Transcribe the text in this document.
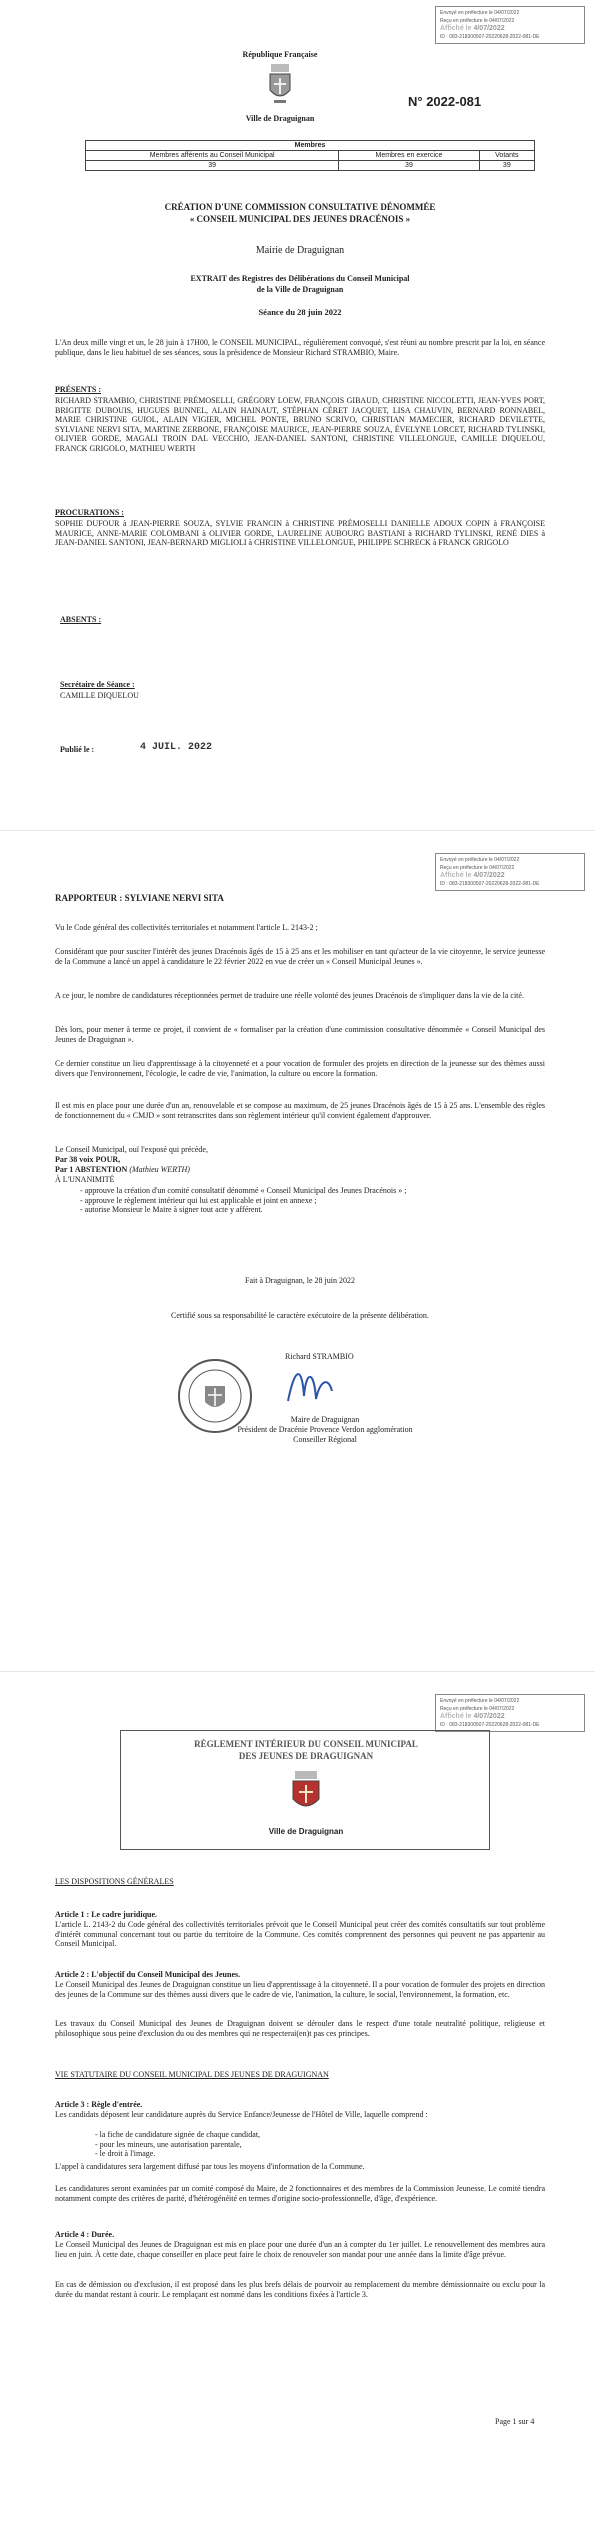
Envoyé en préfecture le 04/07/2022
Reçu en préfecture le 04/07/2022
Affiché le 4/07/2022
ID : 083-218300507-20220628-2022-081-DE
République Française
Ville de Draguignan
N° 2022-081
Membres		
Membres afférents au Conseil Municipal	Membres en exercice	Votants
39	39	39
CRÉATION D'UNE COMMISSION CONSULTATIVE DÉNOMMÉE
« CONSEIL MUNICIPAL DES JEUNES DRACÉNOIS »
Mairie de Draguignan
EXTRAIT des Registres des Délibérations du Conseil Municipal
de la Ville de Draguignan
Séance du 28 juin 2022
L'An deux mille vingt et un, le 28 juin à 17H00, le CONSEIL MUNICIPAL, régulièrement convoqué, s'est réuni au nombre prescrit par la loi, en séance publique, dans le lieu habituel de ses séances, sous la présidence de Monsieur Richard STRAMBIO, Maire.
PRÉSENTS :
RICHARD STRAMBIO, CHRISTINE PRÉMOSELLI, GRÉGORY LOEW, FRANÇOIS GIBAUD, CHRISTINE NICCOLETTI, JEAN-YVES PORT, BRIGITTE DUBOUIS, HUGUES BUNNEL, ALAIN HAINAUT, STÉPHAN CÉRET JACQUET, LISA CHAUVIN, BERNARD RONNABEL, MARIE CHRISTINE GUIOL, ALAIN VIGIER, MICHEL PONTE, BRUNO SCRIVO, CHRISTIAN MAMECIER, RICHARD DEVILETTE, SYLVIANE NERVI SITA, MARTINE ZERBONE, FRANÇOISE MAURICE, JEAN-PIERRE SOUZA, ÉVELYNE LORCET, RICHARD TYLINSKI, OLIVIER GORDE, MAGALI TROIN DAL VECCHIO, JEAN-DANIEL SANTONI, CHRISTINE VILLELONGUE, CAMILLE DIQUELOU, FRANCK GRIGOLO, MATHIEU WERTH
PROCURATIONS :
SOPHIE DUFOUR à JEAN-PIERRE SOUZA, SYLVIE FRANCIN à CHRISTINE PRÉMOSELLI DANIELLE ADOUX COPIN à FRANÇOISE MAURICE, ANNE-MARIE COLOMBANI à OLIVIER GORDE, LAURELINE AUBOURG BASTIANI à RICHARD TYLINSKI, RENÉ DIES à JEAN-DANIEL SANTONI, JEAN-BERNARD MIGLIOLI à CHRISTINE VILLELONGUE, PHILIPPE SCHRECK à FRANCK GRIGOLO
ABSENTS :
Secrétaire de Séance :
CAMILLE DIQUELOU
Publié le :	4 JUIL. 2022
Envoyé en préfecture le 04/07/2022
Reçu en préfecture le 04/07/2022
Affiché le 4/07/2022
ID : 083-218300507-20220628-2022-081-DE
RAPPORTEUR : SYLVIANE NERVI SITA
Vu le Code général des collectivités territoriales et notamment l'article L. 2143-2 ;
Considérant que pour susciter l'intérêt des jeunes Dracénois âgés de 15 à 25 ans et les mobiliser en tant qu'acteur de la vie citoyenne, le service jeunesse de la Commune a lancé un appel à candidature le 22 février 2022 en vue de créer un « Conseil Municipal Jeunes ».
A ce jour, le nombre de candidatures réceptionnées permet de traduire une réelle volonté des jeunes Dracénois de s'impliquer dans la vie de la cité.
Dès lors, pour mener à terme ce projet, il convient de « formaliser par la création d'une commission consultative dénommée « Conseil Municipal des Jeunes de Draguignan ».
Ce dernier constitue un lieu d'apprentissage à la citoyenneté et a pour vocation de formuler des projets en direction de la jeunesse sur des thèmes aussi divers que l'environnement, l'écologie, le cadre de vie, l'animation, la culture ou encore la formation.
Il est mis en place pour une durée d'un an, renouvelable et se compose au maximum, de 25 jeunes Dracénois âgés de 15 à 25 ans. L'ensemble des règles de fonctionnement du « CMJD » sont retranscrites dans son règlement intérieur qu'il convient également d'approuver.
Le Conseil Municipal, ouï l'exposé qui précède,
Par 38 voix POUR,
Par 1 ABSTENTION (Mathieu WERTH)
À L'UNANIMITÉ
- approuve la création d'un comité consultatif dénommé « Conseil Municipal des Jeunes Dracénois » ;
- approuve le règlement intérieur qui lui est applicable et joint en annexe ;
- autorise Monsieur le Maire à signer tout acte y afférent.
Fait à Draguignan, le 28 juin 2022
Certifié sous sa responsabilité le caractère exécutoire de la présente délibération.
Richard STRAMBIO
Maire de Draguignan
Président de Dracénie Provence Verdon agglomération
Conseiller Régional
Envoyé en préfecture le 04/07/2022
Reçu en préfecture le 04/07/2022
Affiché le 4/07/2022
ID : 083-218300507-20220628-2022-081-DE
RÈGLEMENT INTÉRIEUR DU CONSEIL MUNICIPAL
DES JEUNES DE DRAGUIGNAN
Ville de Draguignan
LES DISPOSITIONS GÉNÉRALES
Article 1 : Le cadre juridique.
L'article L. 2143-2 du Code général des collectivités territoriales prévoit que le Conseil Municipal peut créer des comités consultatifs sur tout problème d'intérêt communal concernant tout ou partie du territoire de la Commune. Ces comités comprennent des personnes qui peuvent ne pas appartenir au Conseil Municipal.
Article 2 : L'objectif du Conseil Municipal des Jeunes.
Le Conseil Municipal des Jeunes de Draguignan constitue un lieu d'apprentissage à la citoyenneté. Il a pour vocation de formuler des projets en direction des jeunes de la Commune sur des thèmes aussi divers que le cadre de vie, l'animation, la culture, le social, l'environnement, la formation, etc.
Les travaux du Conseil Municipal des Jeunes de Draguignan doivent se dérouler dans le respect d'une totale neutralité politique, religieuse et philosophique sous peine d'exclusion du ou des membres qui ne respecterai(en)t pas ces principes.
VIE STATUTAIRE DU CONSEIL MUNICIPAL DES JEUNES DE DRAGUIGNAN
Article 3 : Règle d'entrée.
Les candidats déposent leur candidature auprès du Service Enfance/Jeunesse de l'Hôtel de Ville, laquelle comprend :
- la fiche de candidature signée de chaque candidat,
- pour les mineurs, une autorisation parentale,
- le droit à l'image.
L'appel à candidatures sera largement diffusé par tous les moyens d'information de la Commune.
Les candidatures seront examinées par un comité composé du Maire, de 2 fonctionnaires et des membres de la Commission Jeunesse. Le comité tiendra notamment compte des critères de parité, d'hétérogénéité en termes d'origine socio-professionnelle, d'âge, d'expérience.
Article 4 : Durée.
Le Conseil Municipal des Jeunes de Draguignan est mis en place pour une durée d'un an à compter du 1er juillet. Le renouvellement des membres aura lieu en juin. À cette date, chaque conseiller en place peut faire le choix de renouveler son mandat pour une année dans la limite d'âge prévue.
En cas de démission ou d'exclusion, il est proposé dans les plus brefs délais de pourvoir au remplacement du membre démissionnaire ou exclu pour la durée du mandat restant à courir. Le remplaçant est nommé dans les conditions fixées à l'article 3.
Page 1 sur 4
